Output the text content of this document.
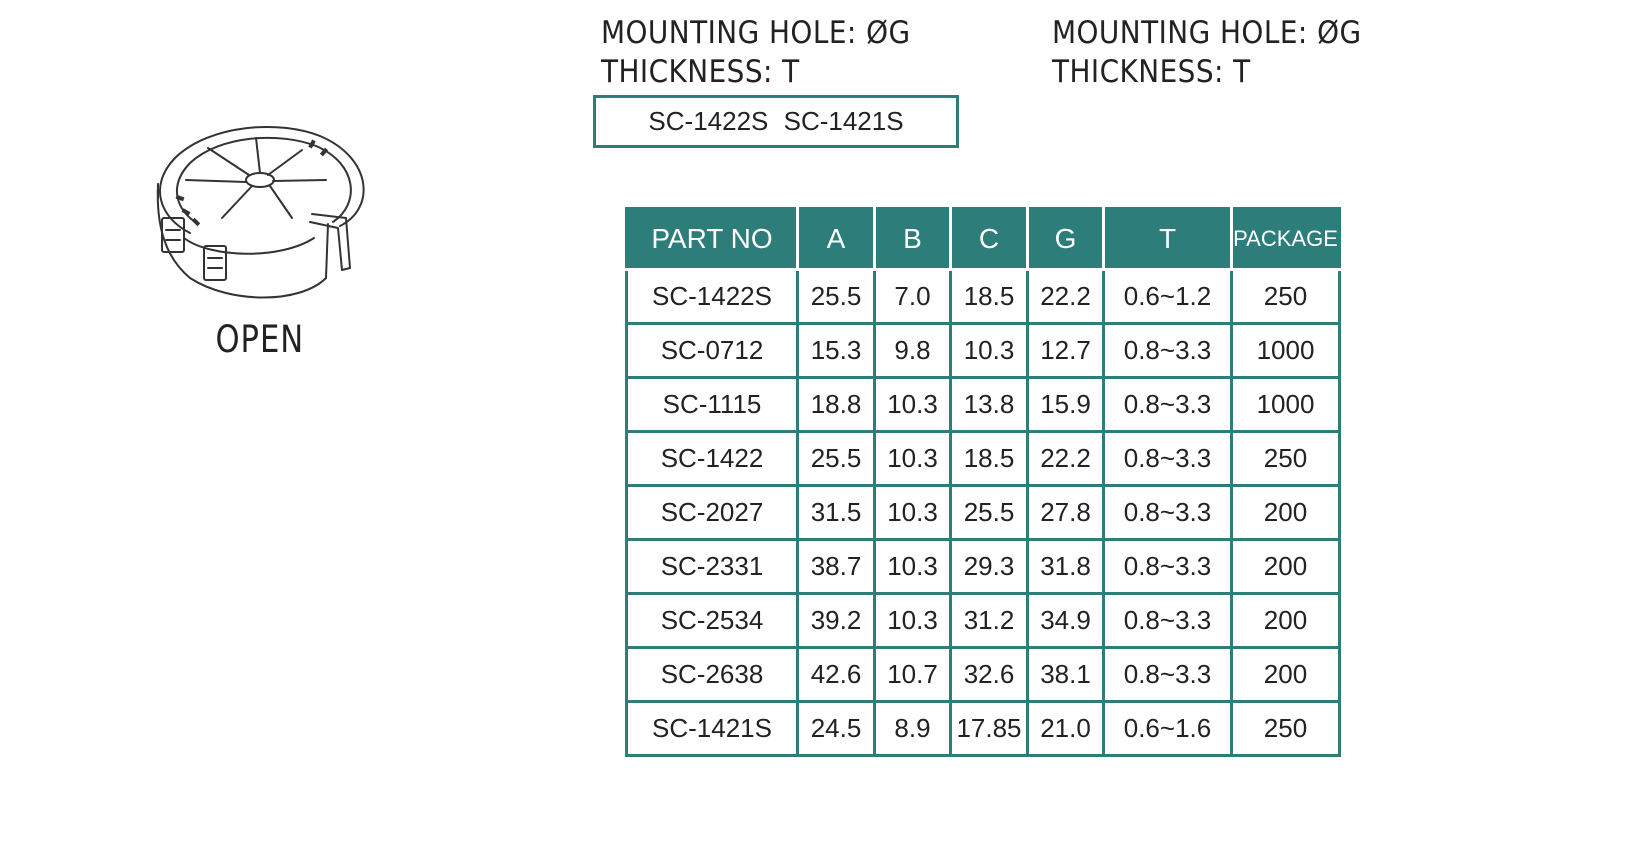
OPEN
MOUNTING HOLE: ØG
THICKNESS: T
MOUNTING HOLE: ØG
THICKNESS: T
SC-1422S SC-1421S
PART NO	A	B	C	G	T	PACKAGE
SC-1422S	25.5	7.0	18.5	22.2	0.6~1.2	250
SC-0712	15.3	9.8	10.3	12.7	0.8~3.3	1000
SC-1115	18.8	10.3	13.8	15.9	0.8~3.3	1000
SC-1422	25.5	10.3	18.5	22.2	0.8~3.3	250
SC-2027	31.5	10.3	25.5	27.8	0.8~3.3	200
SC-2331	38.7	10.3	29.3	31.8	0.8~3.3	200
SC-2534	39.2	10.3	31.2	34.9	0.8~3.3	200
SC-2638	42.6	10.7	32.6	38.1	0.8~3.3	200
SC-1421S	24.5	8.9	17.85	21.0	0.6~1.6	250
